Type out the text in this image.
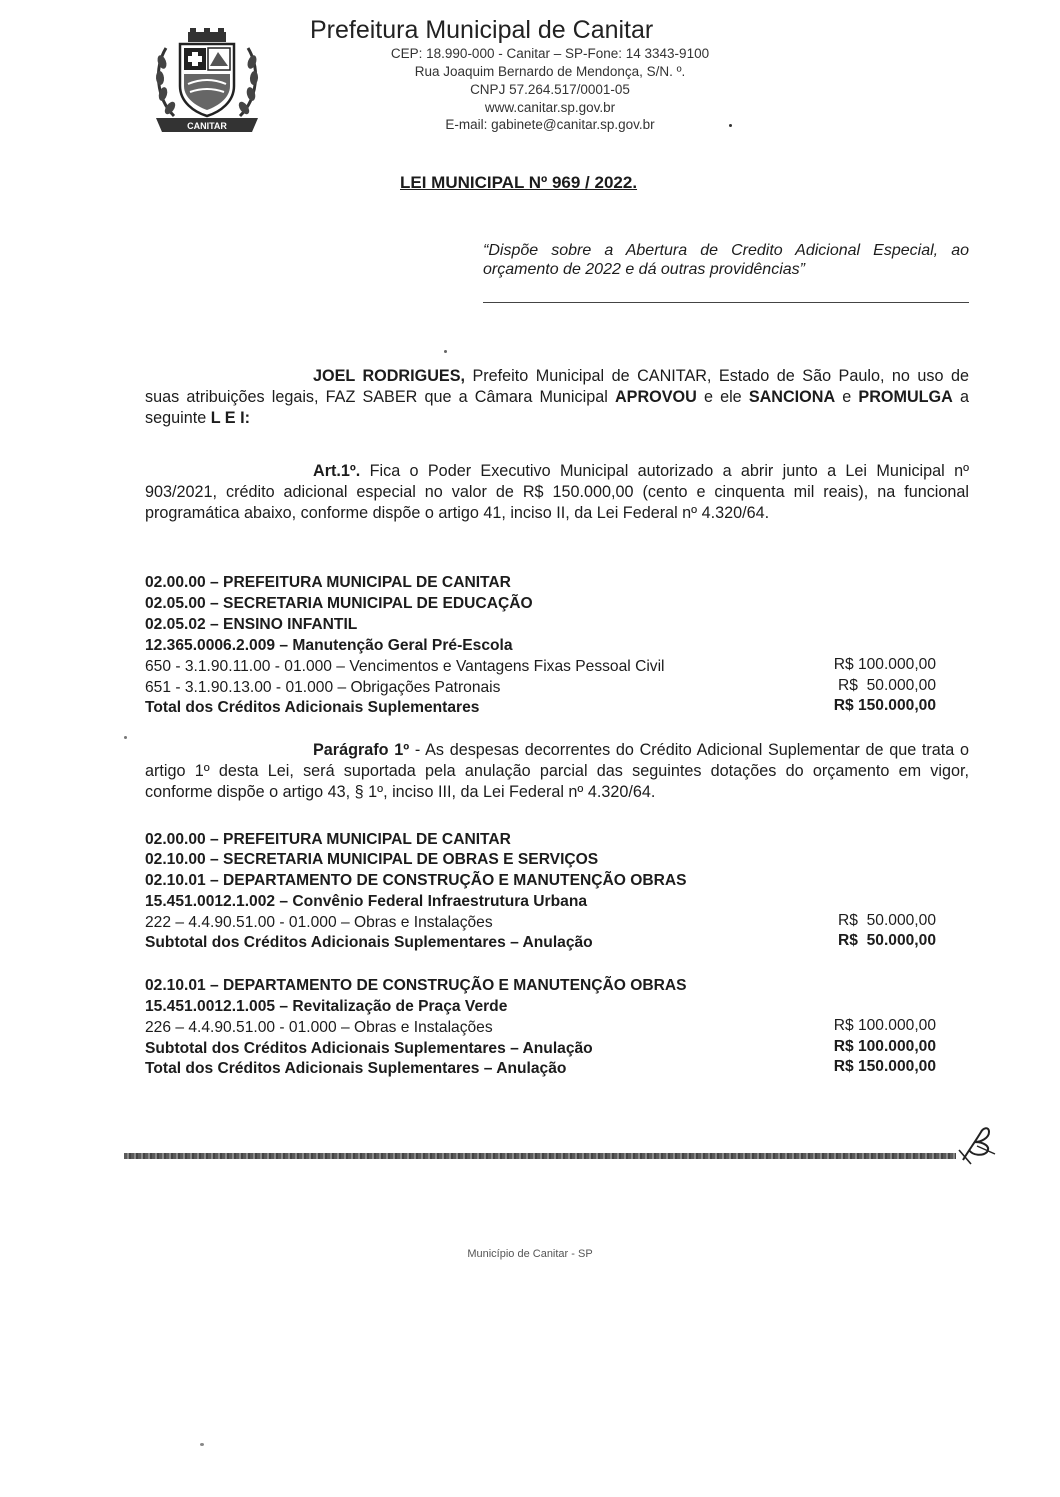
CANITAR
Prefeitura Municipal de Canitar
CEP: 18.990-000 - Canitar – SP-Fone: 14 3343-9100
Rua Joaquim Bernardo de Mendonça, S/N. º.
CNPJ 57.264.517/0001-05
www.canitar.sp.gov.br
E-mail: gabinete@canitar.sp.gov.br
LEI MUNICIPAL Nº 969 / 2022.
“Dispõe sobre a Abertura de Credito Adicional Especial, ao orçamento de 2022 e dá outras providências”
JOEL RODRIGUES, Prefeito Municipal de CANITAR, Estado de São Paulo, no uso de suas atribuições legais, FAZ SABER que a Câmara Municipal APROVOU e ele SANCIONA e PROMULGA a seguinte L E I:
Art.1º. Fica o Poder Executivo Municipal autorizado a abrir junto a Lei Municipal nº 903/2021, crédito adicional especial no valor de R$ 150.000,00 (cento e cinquenta mil reais), na funcional programática abaixo, conforme dispõe o artigo 41, inciso II, da Lei Federal nº 4.320/64.
02.00.00 – PREFEITURA MUNICIPAL DE CANITAR
02.05.00 – SECRETARIA MUNICIPAL DE EDUCAÇÃO
02.05.02 – ENSINO INFANTIL
12.365.0006.2.009 – Manutenção Geral Pré-Escola
650 - 3.1.90.11.00 - 01.000 – Vencimentos e Vantagens Fixas Pessoal Civil	R$ 100.000,00
651 - 3.1.90.13.00 - 01.000 – Obrigações Patronais	R$  50.000,00
Total dos Créditos Adicionais Suplementares	R$ 150.000,00
Parágrafo 1º - As despesas decorrentes do Crédito Adicional Suplementar de que trata o artigo 1º desta Lei, será suportada pela anulação parcial das seguintes dotações do orçamento em vigor, conforme dispõe o artigo 43, § 1º, inciso III, da Lei Federal nº 4.320/64.
02.00.00 – PREFEITURA MUNICIPAL DE CANITAR
02.10.00 – SECRETARIA MUNICIPAL DE OBRAS E SERVIÇOS
02.10.01 – DEPARTAMENTO DE CONSTRUÇÃO E MANUTENÇÃO OBRAS
15.451.0012.1.002 – Convênio Federal Infraestrutura Urbana
222 – 4.4.90.51.00 - 01.000 – Obras e Instalações	R$  50.000,00
Subtotal dos Créditos Adicionais Suplementares – Anulação	R$  50.000,00
02.10.01 – DEPARTAMENTO DE CONSTRUÇÃO E MANUTENÇÃO OBRAS
15.451.0012.1.005 – Revitalização de Praça Verde
226 – 4.4.90.51.00 - 01.000 – Obras e Instalações	R$ 100.000,00
Subtotal dos Créditos Adicionais Suplementares – Anulação	R$ 100.000,00
Total dos Créditos Adicionais Suplementares – Anulação	R$ 150.000,00
Município de Canitar - SP
